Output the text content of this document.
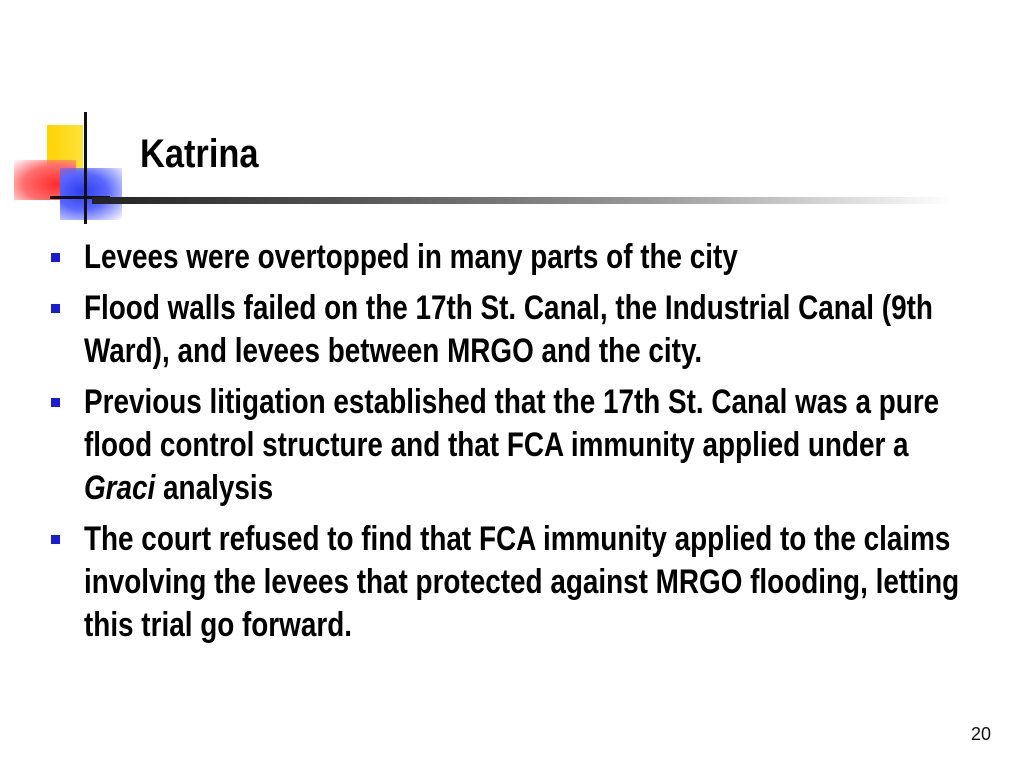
Katrina
Levees were overtopped in many parts of the city
Flood walls failed on the 17th St. Canal, the Industrial Canal (9th Ward), and levees between MRGO and the city.
Previous litigation established that the 17th St. Canal was a pure flood control structure and that FCA immunity applied under a Graci analysis
The court refused to find that FCA immunity applied to the claims involving the levees that protected against MRGO flooding, letting this trial go forward.
20
